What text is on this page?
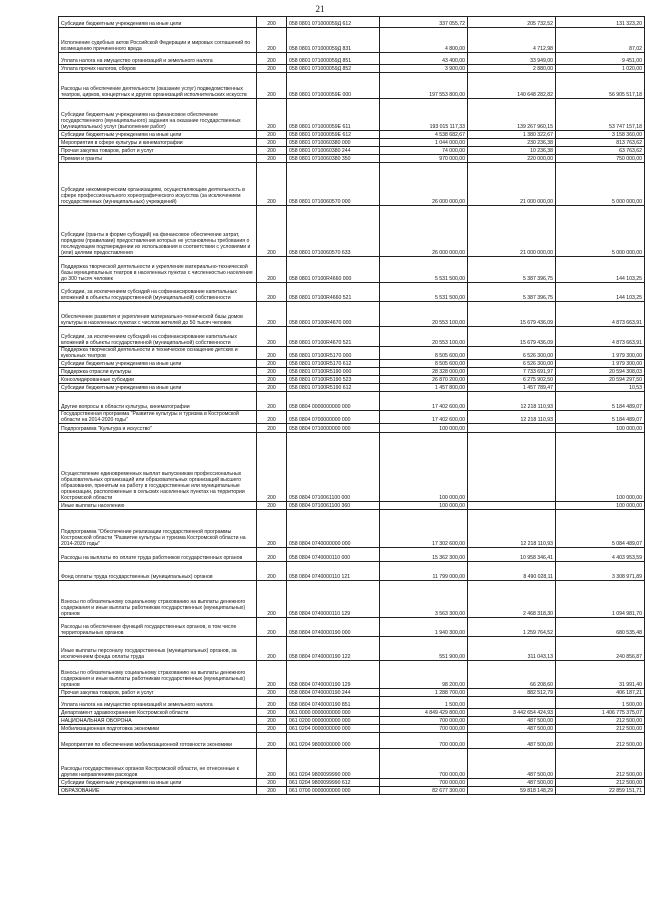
21
Субсидии бюджетным учреждениям на иные цели	200	058 0801 071000059Д 612	337 055,72	205 732,52	131 323,20
Исполнение судебных актов Российской Федерации и мировых соглашений по возмещению причиненного вреда	200	058 0801 071000059Д 831	4 800,00	4 712,98	87,02
Уплата налога на имущество организаций и земельного налога	200	058 0801 071000059Д 851	43 400,00	33 949,00	9 451,00
Уплата прочих налогов, сборов	200	058 0801 071000059Д 852	3 900,00	2 880,00	1 020,00
Расходы на обеспечение деятельности (оказание услуг) подведомственных театров, цирков, концертных и других организаций исполнительских искусств	200	058 0801 071000059Е 000	197 553 800,00	140 648 282,82	56 905 517,18
Субсидии бюджетным учреждениям на финансовое обеспечение государственного (муниципального) задания на оказание государственных (муниципальных) услуг (выполнение работ)	200	058 0801 071000059Е 611	193 015 117,33	139 267 960,15	53 747 157,18
Субсидии бюджетным учреждениям на иные цели	200	058 0801 071000059Е 612	4 538 682,67	1 380 322,67	3 158 360,00
Мероприятия в сфере культуры и кинематографии	200	058 0801 0710060380 000	1 044 000,00	230 236,38	813 763,62
Прочая закупка товаров, работ и услуг	200	058 0801 0710060380 244	74 000,00	10 236,38	63 763,62
Премии и гранты	200	058 0801 0710060380 350	970 000,00	220 000,00	750 000,00
Субсидии некоммерческим организациям, осуществляющим деятельность в сфере профессионального хореографического искусства (за исключением государственных (муниципальных) учреждений)	200	058 0801 0710060570 000	26 000 000,00	21 000 000,00	5 000 000,00
Субсидии (гранты в форме субсидий) на финансовое обеспечение затрат, порядком (правилами) предоставления которых не установлены требования о последующем подтверждении их использования в соответствии с условиями и (или) целями предоставления	200	058 0801 0710060570 633	26 000 000,00	21 000 000,00	5 000 000,00
Поддержка творческой деятельности и укрепление материально-технической базы муниципальных театров в населенных пунктах с численностью населения до 300 тысяч человек	200	058 0801 07100R4660 000	5 531 500,00	5 387 396,75	144 103,25
Субсидии, за исключением субсидий на софинансирование капитальных вложений в объекты государственной (муниципальной) собственности	200	058 0801 07100R4660 521	5 531 500,00	5 387 396,75	144 103,25
Обеспечение развития и укрепления материально-технической базы домов культуры в населенных пунктах с числом жителей до 50 тысяч человек	200	058 0801 07100R4670 000	20 553 100,00	15 679 436,09	4 873 663,91
Субсидии, за исключением субсидий на софинансирование капитальных вложений в объекты государственной (муниципальной) собственности	200	058 0801 07100R4670 521	20 553 100,00	15 679 436,09	4 873 663,91
Поддержка творческой деятельности и техническое оснащение детских и кукольных театров	200	058 0801 07100R5170 000	8 505 600,00	6 526 300,00	1 979 300,00
Субсидии бюджетным учреждениям на иные цели	200	058 0801 07100R5170 612	8 505 600,00	6 526 300,00	1 979 300,00
Поддержка отрасли культуры	200	058 0801 07100R5190 000	28 328 000,00	7 733 691,97	20 594 308,03
Консолидированные субсидии	200	058 0801 07100R5190 523	26 870 200,00	6 275 902,50	20 594 297,50
Субсидии бюджетным учреждениям на иные цели	200	058 0801 07100R5190 612	1 457 800,00	1 457 789,47	10,53
Другие вопросы в области культуры, кинематографии	200	058 0804 0000000000 000	17 402 600,00	12 218 110,93	5 184 489,07
Государственная программа "Развитие культуры и туризма в Костромской области на 2014-2020 годы"	200	058 0804 0700000000 000	17 402 600,00	12 218 110,93	5 184 489,07
Подпрограмма "Культура и искусство"	200	058 0804 0710000000 000	100 000,00		100 000,00
Осуществление единовременных выплат выпускникам профессиональных образовательных организаций или образовательных организаций высшего образования, принятым на работу в государственные или муниципальные организации, расположенные в сельских населенных пунктах на территории Костромской области	200	058 0804 0710061100 000	100 000,00		100 000,00
Иные выплаты населению	200	058 0804 0710061100 360	100 000,00		100 000,00
Подпрограмма "Обеспечение реализации государственной программы Костромской области "Развитие культуры и туризма Костромской области на 2014-2020 годы"	200	058 0804 0740000000 000	17 302 600,00	12 218 110,93	5 084 489,07
Расходы на выплаты по оплате труда работников государственных органов	200	058 0804 0740000110 000	15 362 300,00	10 958 346,41	4 403 953,59
Фонд оплаты труда государственных (муниципальных) органов	200	058 0804 0740000110 121	11 799 000,00	8 490 028,11	3 308 971,89
Взносы по обязательному социальному страхованию на выплаты денежного содержания и иные выплаты работникам государственных (муниципальных) органов	200	058 0804 0740000110 129	3 563 300,00	2 468 318,30	1 094 981,70
Расходы на обеспечение функций государственных органов, в том числе территориальных органов	200	058 0804 0740000190 000	1 940 300,00	1 259 764,52	680 535,48
Иные выплаты персоналу государственных (муниципальных) органов, за исключением фонда оплаты труда	200	058 0804 0740000190 122	551 900,00	311 043,13	240 856,87
Взносы по обязательному социальному страхованию на выплаты денежного содержания и иные выплаты работникам государственных (муниципальных) органов	200	058 0804 0740000190 129	98 200,00	66 208,60	31 991,40
Прочая закупка товаров, работ и услуг	200	058 0804 0740000190 244	1 288 700,00	882 512,79	406 187,21
Уплата налога на имущество организаций и земельного налога	200	058 0804 0740000190 851	1 500,00		1 500,00
Департамент здравоохранения Костромской области	200	061 0000 0000000000 000	4 849 429 800,00	3 442 654 424,93	1 406 775 375,07
НАЦИОНАЛЬНАЯ ОБОРОНА	200	061 0200 0000000000 000	700 000,00	487 500,00	212 500,00
Мобилизационная подготовка экономики	200	061 0204 0000000000 000	700 000,00	487 500,00	212 500,00
Мероприятия по обеспечению мобилизационной готовности экономики	200	061 0204 9800000000 000	700 000,00	487 500,00	212 500,00
Расходы государственных органов Костромской области, не отнесенные к другим направлениям расходов	200	061 0204 9800099990 000	700 000,00	487 500,00	212 500,00
Субсидии бюджетным учреждениям на иные цели	200	061 0204 9800099990 612	700 000,00	487 500,00	212 500,00
ОБРАЗОВАНИЕ	200	061 0700 0000000000 000	82 677 300,00	59 818 148,29	22 859 151,71
